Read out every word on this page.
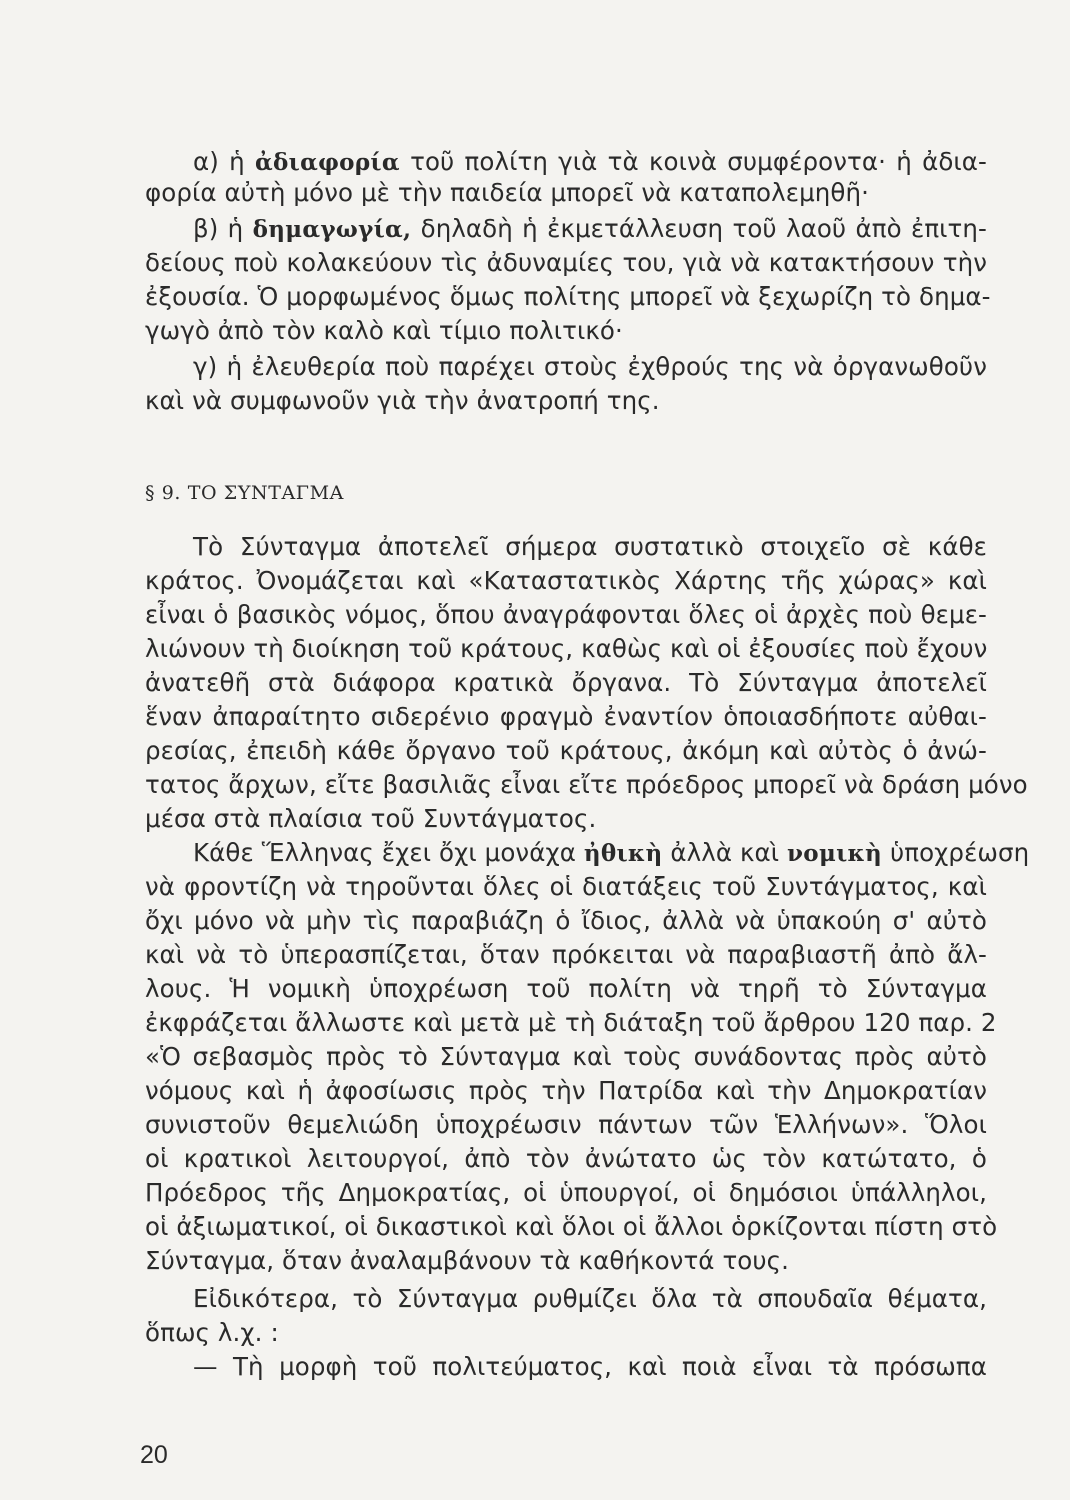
α) ἡ ἀδιαφορία τοῦ πολίτη γιὰ τὰ κοινὰ συμφέροντα· ἡ ἀδια-
φορία αὐτὴ μόνο μὲ τὴν παιδεία μπορεῖ νὰ καταπολεμηθῆ·
β) ἡ δημαγωγία, δηλαδὴ ἡ ἐκμετάλλευση τοῦ λαοῦ ἀπὸ ἐπιτη-
δείους ποὺ κολακεύουν τὶς ἀδυναμίες του, γιὰ νὰ κατακτήσουν τὴν
ἐξουσία. Ὁ μορφωμένος ὅμως πολίτης μπορεῖ νὰ ξεχωρίζη τὸ δημα-
γωγὸ ἀπὸ τὸν καλὸ καὶ τίμιο πολιτικό·
γ) ἡ ἐλευθερία ποὺ παρέχει στοὺς ἐχθρούς της νὰ ὀργανωθοῦν
καὶ νὰ συμφωνοῦν γιὰ τὴν ἀνατροπή της.
§ 9. ΤΟ ΣΥΝΤΑΓΜΑ
Τὸ Σύνταγμα ἀποτελεῖ σήμερα συστατικὸ στοιχεῖο σὲ κάθε
κράτος. Ὀνομάζεται καὶ «Καταστατικὸς Χάρτης τῆς χώρας» καὶ
εἶναι ὁ βασικὸς νόμος, ὅπου ἀναγράφονται ὅλες οἱ ἀρχὲς ποὺ θεμε-
λιώνουν τὴ διοίκηση τοῦ κράτους, καθὼς καὶ οἱ ἐξουσίες ποὺ ἔχουν
ἀνατεθῆ στὰ διάφορα κρατικὰ ὄργανα. Τὸ Σύνταγμα ἀποτελεῖ
ἕναν ἀπαραίτητο σιδερένιο φραγμὸ ἐναντίον ὁποιασδήποτε αὐθαι-
ρεσίας, ἐπειδὴ κάθε ὄργανο τοῦ κράτους, ἀκόμη καὶ αὐτὸς ὁ ἀνώ-
τατος ἄρχων, εἴτε βασιλιᾶς εἶναι εἴτε πρόεδρος μπορεῖ νὰ δράση μόνο
μέσα στὰ πλαίσια τοῦ Συντάγματος.
Κάθε Ἕλληνας ἔχει ὄχι μονάχα ἠθικὴ ἀλλὰ καὶ νομικὴ ὑποχρέωση
νὰ φροντίζη νὰ τηροῦνται ὅλες οἱ διατάξεις τοῦ Συντάγματος, καὶ
ὄχι μόνο νὰ μὴν τὶς παραβιάζη ὁ ἴδιος, ἀλλὰ νὰ ὑπακούη σ' αὐτὸ
καὶ νὰ τὸ ὑπερασπίζεται, ὅταν πρόκειται νὰ παραβιαστῆ ἀπὸ ἄλ-
λους. Ἡ νομικὴ ὑποχρέωση τοῦ πολίτη νὰ τηρῆ τὸ Σύνταγμα
ἐκφράζεται ἄλλωστε καὶ μετὰ μὲ τὴ διάταξη τοῦ ἄρθρου 120 παρ. 2
«Ὁ σεβασμὸς πρὸς τὸ Σύνταγμα καὶ τοὺς συνάδοντας πρὸς αὐτὸ
νόμους καὶ ἡ ἀφοσίωσις πρὸς τὴν Πατρίδα καὶ τὴν Δημοκρατίαν
συνιστοῦν θεμελιώδη ὑποχρέωσιν πάντων τῶν Ἑλλήνων». Ὅλοι
οἱ κρατικοὶ λειτουργοί, ἀπὸ τὸν ἀνώτατο ὡς τὸν κατώτατο, ὁ
Πρόεδρος τῆς Δημοκρατίας, οἱ ὑπουργοί, οἱ δημόσιοι ὑπάλληλοι,
οἱ ἀξιωματικοί, οἱ δικαστικοὶ καὶ ὅλοι οἱ ἄλλοι ὁρκίζονται πίστη στὸ
Σύνταγμα, ὅταν ἀναλαμβάνουν τὰ καθήκοντά τους.
Εἰδικότερα, τὸ Σύνταγμα ρυθμίζει ὅλα τὰ σπουδαῖα θέματα,
ὅπως λ.χ. :
— Τὴ μορφὴ τοῦ πολιτεύματος, καὶ ποιὰ εἶναι τὰ πρόσωπα
20
